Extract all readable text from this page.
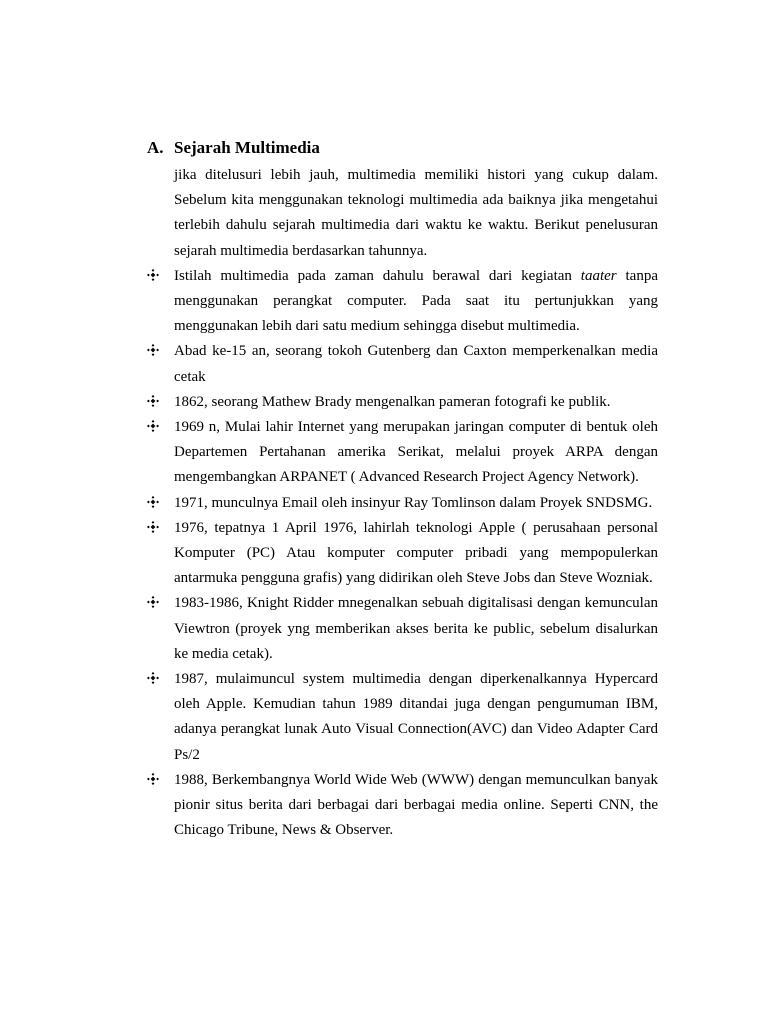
A. Sejarah Multimedia

jika ditelusuri lebih jauh, multimedia memiliki histori yang cukup dalam. Sebelum kita menggunakan teknologi multimedia ada baiknya jika mengetahui terlebih dahulu sejarah multimedia dari waktu ke waktu. Berikut penelusuran sejarah multimedia berdasarkan tahunnya.

Istilah multimedia pada zaman dahulu berawal dari kegiatan taater tanpa menggunakan perangkat computer. Pada saat itu pertunjukkan yang menggunakan lebih dari satu medium sehingga disebut multimedia.
Abad ke-15 an, seorang tokoh Gutenberg dan Caxton memperkenalkan media cetak
1862, seorang Mathew Brady mengenalkan pameran fotografi ke publik.
1969 n, Mulai lahir Internet yang merupakan jaringan computer di bentuk oleh Departemen Pertahanan amerika Serikat, melalui proyek ARPA dengan mengembangkan ARPANET ( Advanced Research Project Agency Network).
1971, munculnya Email oleh insinyur Ray Tomlinson dalam Proyek SNDSMG.
1976, tepatnya 1 April 1976, lahirlah teknologi Apple ( perusahaan personal Komputer (PC) Atau komputer computer pribadi yang mempopulerkan antarmuka pengguna grafis) yang didirikan oleh Steve Jobs dan Steve Wozniak.
1983-1986, Knight Ridder mnegenalkan sebuah digitalisasi dengan kemunculan Viewtron (proyek yng memberikan akses berita ke public, sebelum disalurkan ke media cetak).
1987, mulaimuncul system multimedia dengan diperkenalkannya Hypercard oleh Apple. Kemudian tahun 1989 ditandai juga dengan pengumuman IBM, adanya perangkat lunak Auto Visual Connection(AVC) dan Video Adapter Card Ps/2
1988, Berkembangnya World Wide Web (WWW) dengan memunculkan banyak pionir situs berita dari berbagai dari berbagai media online. Seperti CNN, the Chicago Tribune, News & Observer.
